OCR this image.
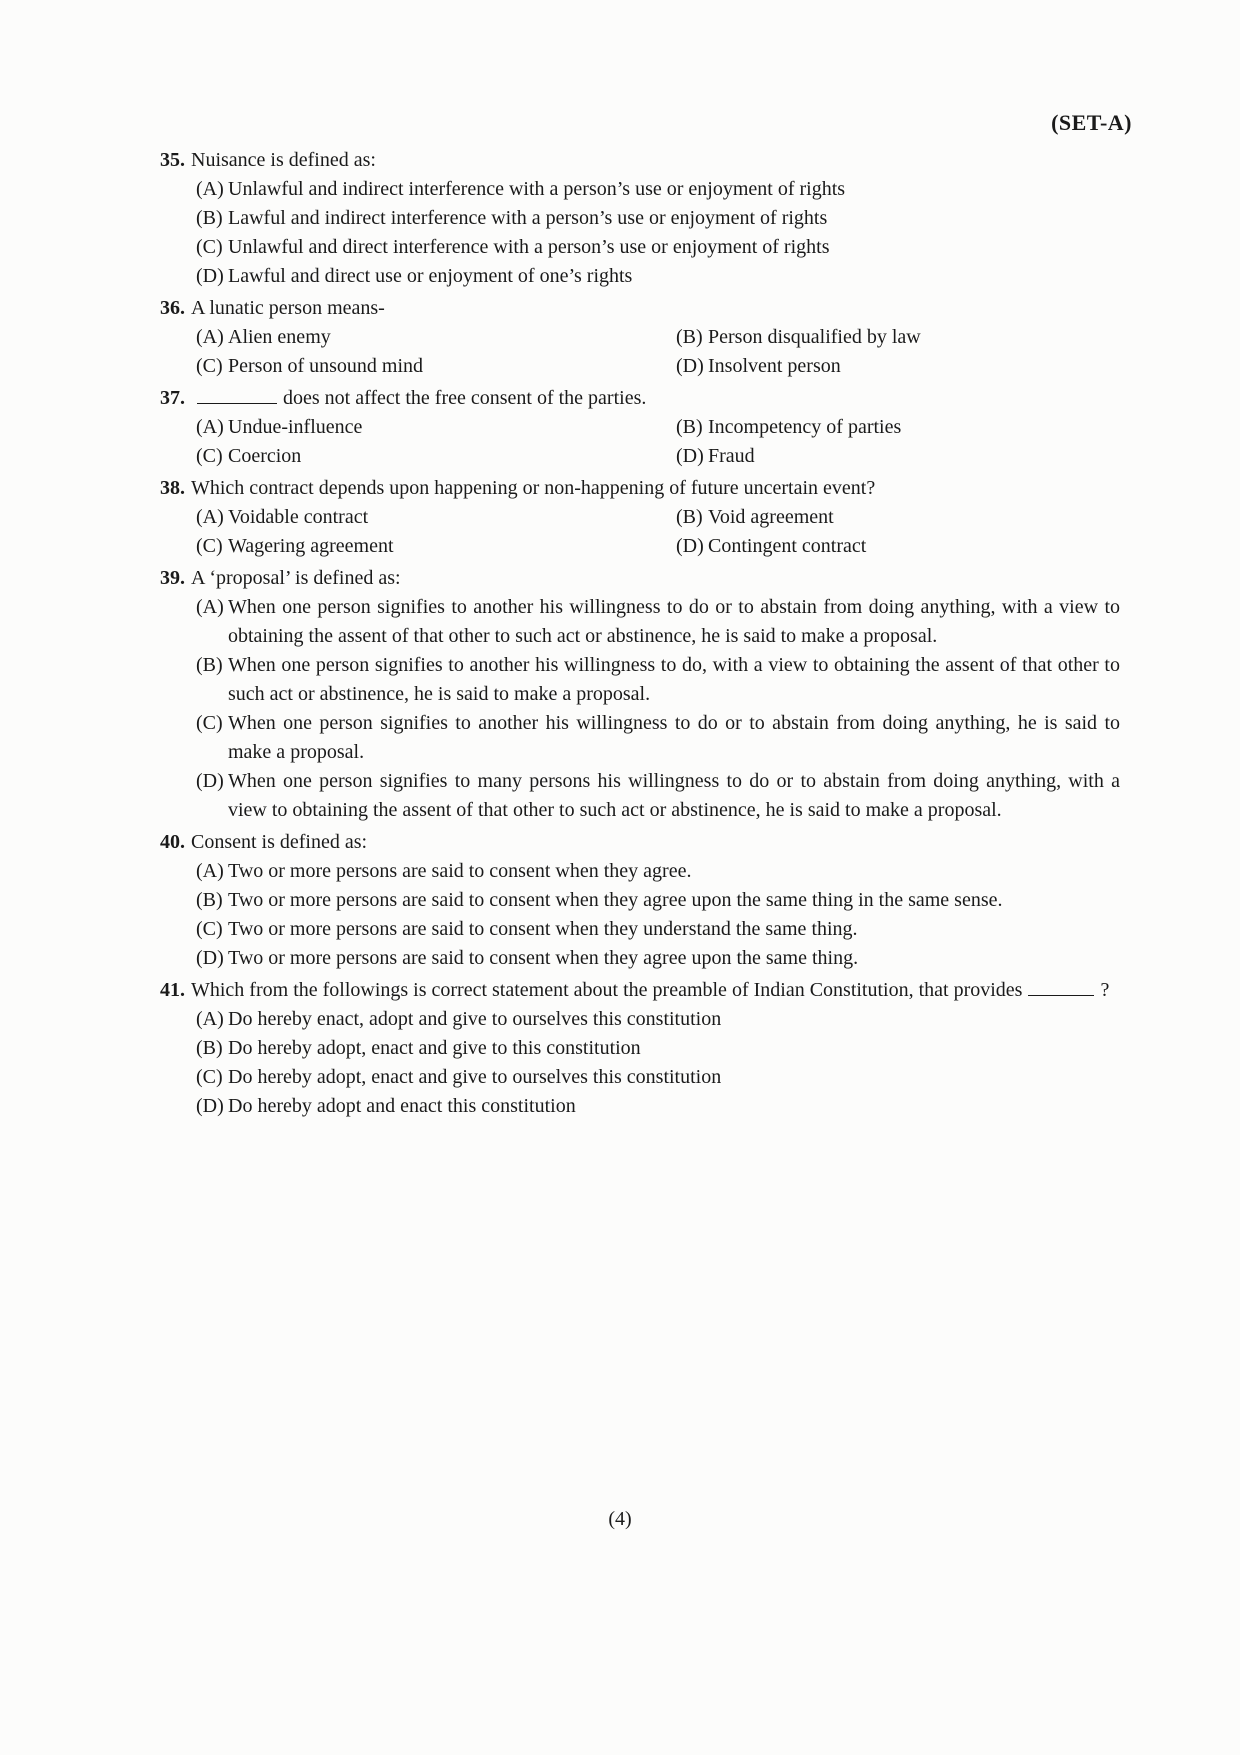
(SET-A)
35. Nuisance is defined as:
(A) Unlawful and indirect interference with a person’s use or enjoyment of rights
(B) Lawful and indirect interference with a person’s use or enjoyment of rights
(C) Unlawful and direct interference with a person’s use or enjoyment of rights
(D) Lawful and direct use or enjoyment of one’s rights
36. A lunatic person means-
(A) Alien enemy	(B) Person disqualified by law
(C) Person of unsound mind	(D) Insolvent person
37.	does not affect the free consent of the parties.
(A) Undue-influence	(B) Incompetency of parties
(C) Coercion	(D) Fraud
38. Which contract depends upon happening or non-happening of future uncertain event?
(A) Voidable contract	(B) Void agreement
(C) Wagering agreement	(D) Contingent contract
39. A ‘proposal’ is defined as:
(A) When one person signifies to another his willingness to do or to abstain from doing anything, with a view to obtaining the assent of that other to such act or abstinence, he is said to make a proposal.
(B) When one person signifies to another his willingness to do, with a view to obtaining the assent of that other to such act or abstinence, he is said to make a proposal.
(C) When one person signifies to another his willingness to do or to abstain from doing anything, he is said to make a proposal.
(D) When one person signifies to many persons his willingness to do or to abstain from doing anything, with a view to obtaining the assent of that other to such act or abstinence, he is said to make a proposal.
40. Consent is defined as:
(A) Two or more persons are said to consent when they agree.
(B) Two or more persons are said to consent when they agree upon the same thing in the same sense.
(C) Two or more persons are said to consent when they understand the same thing.
(D) Two or more persons are said to consent when they agree upon the same thing.
41. Which from the followings is correct statement about the preamble of Indian Constitution, that provides	?
(A) Do hereby enact, adopt and give to ourselves this constitution
(B) Do hereby adopt, enact and give to this constitution
(C) Do hereby adopt, enact and give to ourselves this constitution
(D) Do hereby adopt and enact this constitution
(4)
